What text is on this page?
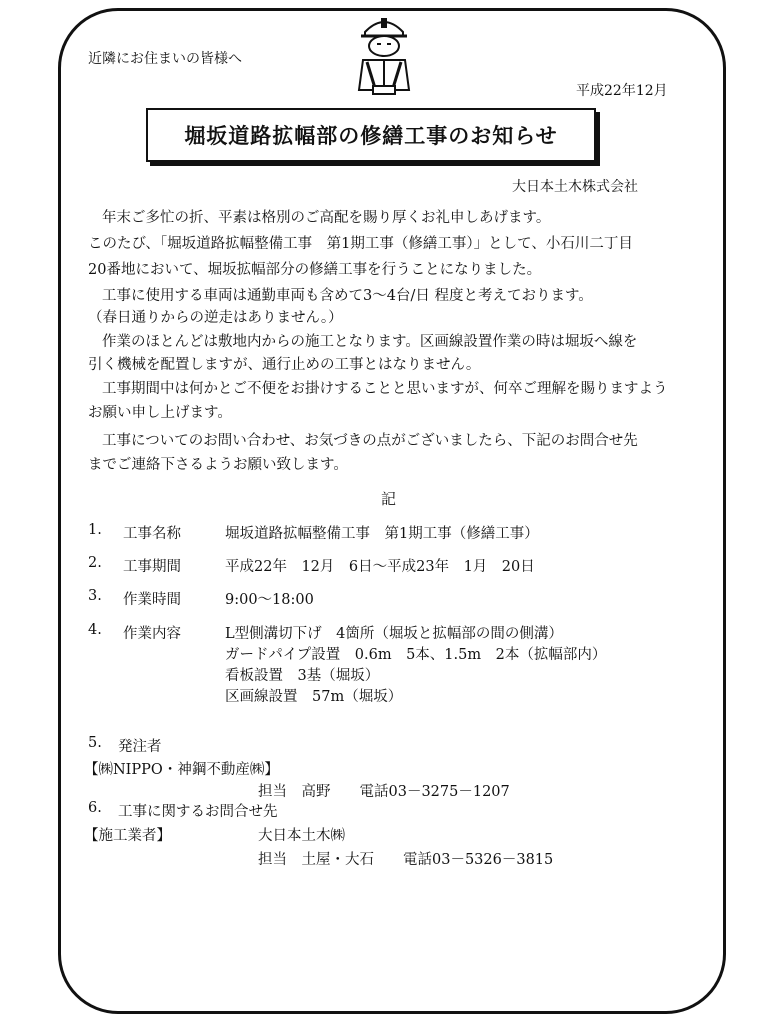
近隣にお住まいの皆様へ
平成22年12月
堀坂道路拡幅部の修繕工事のお知らせ
大日本土木株式会社
年末ご多忙の折、平素は格別のご高配を賜り厚くお礼申しあげます。
このたび、「堀坂道路拡幅整備工事　第1期工事（修繕工事）」として、小石川二丁目
20番地において、堀坂拡幅部分の修繕工事を行うことになりました。
工事に使用する車両は通勤車両も含めて3～4台/日 程度と考えております。
（春日通りからの逆走はありません。）
作業のほとんどは敷地内からの施工となります。区画線設置作業の時は堀坂へ線を
引く機械を配置しますが、通行止めの工事とはなりません。
工事期間中は何かとご不便をお掛けすることと思いますが、何卒ご理解を賜りますよう
お願い申し上げます。
工事についてのお問い合わせ、お気づきの点がございましたら、下記のお問合せ先
までご連絡下さるようお願い致します。
記
1. 工事名称	堀坂道路拡幅整備工事　第1期工事（修繕工事）
2. 工事期間	平成22年　12月　6日～平成23年　1月　20日
3. 作業時間	9:00～18:00
4. 作業内容	L型側溝切下げ　4箇所（堀坂と拡幅部の間の側溝）
ガードパイプ設置　0.6m　5本、1.5m　2本（拡幅部内）
看板設置　3基（堀坂）
区画線設置　57m（堀坂）
5. 発注者
【㈱NIPPO・神鋼不動産㈱】
担当　高野　　電話03－3275－1207
6. 工事に関するお問合せ先
【施工業者】	大日本土木㈱
担当　土屋・大石　　電話03－5326－3815
